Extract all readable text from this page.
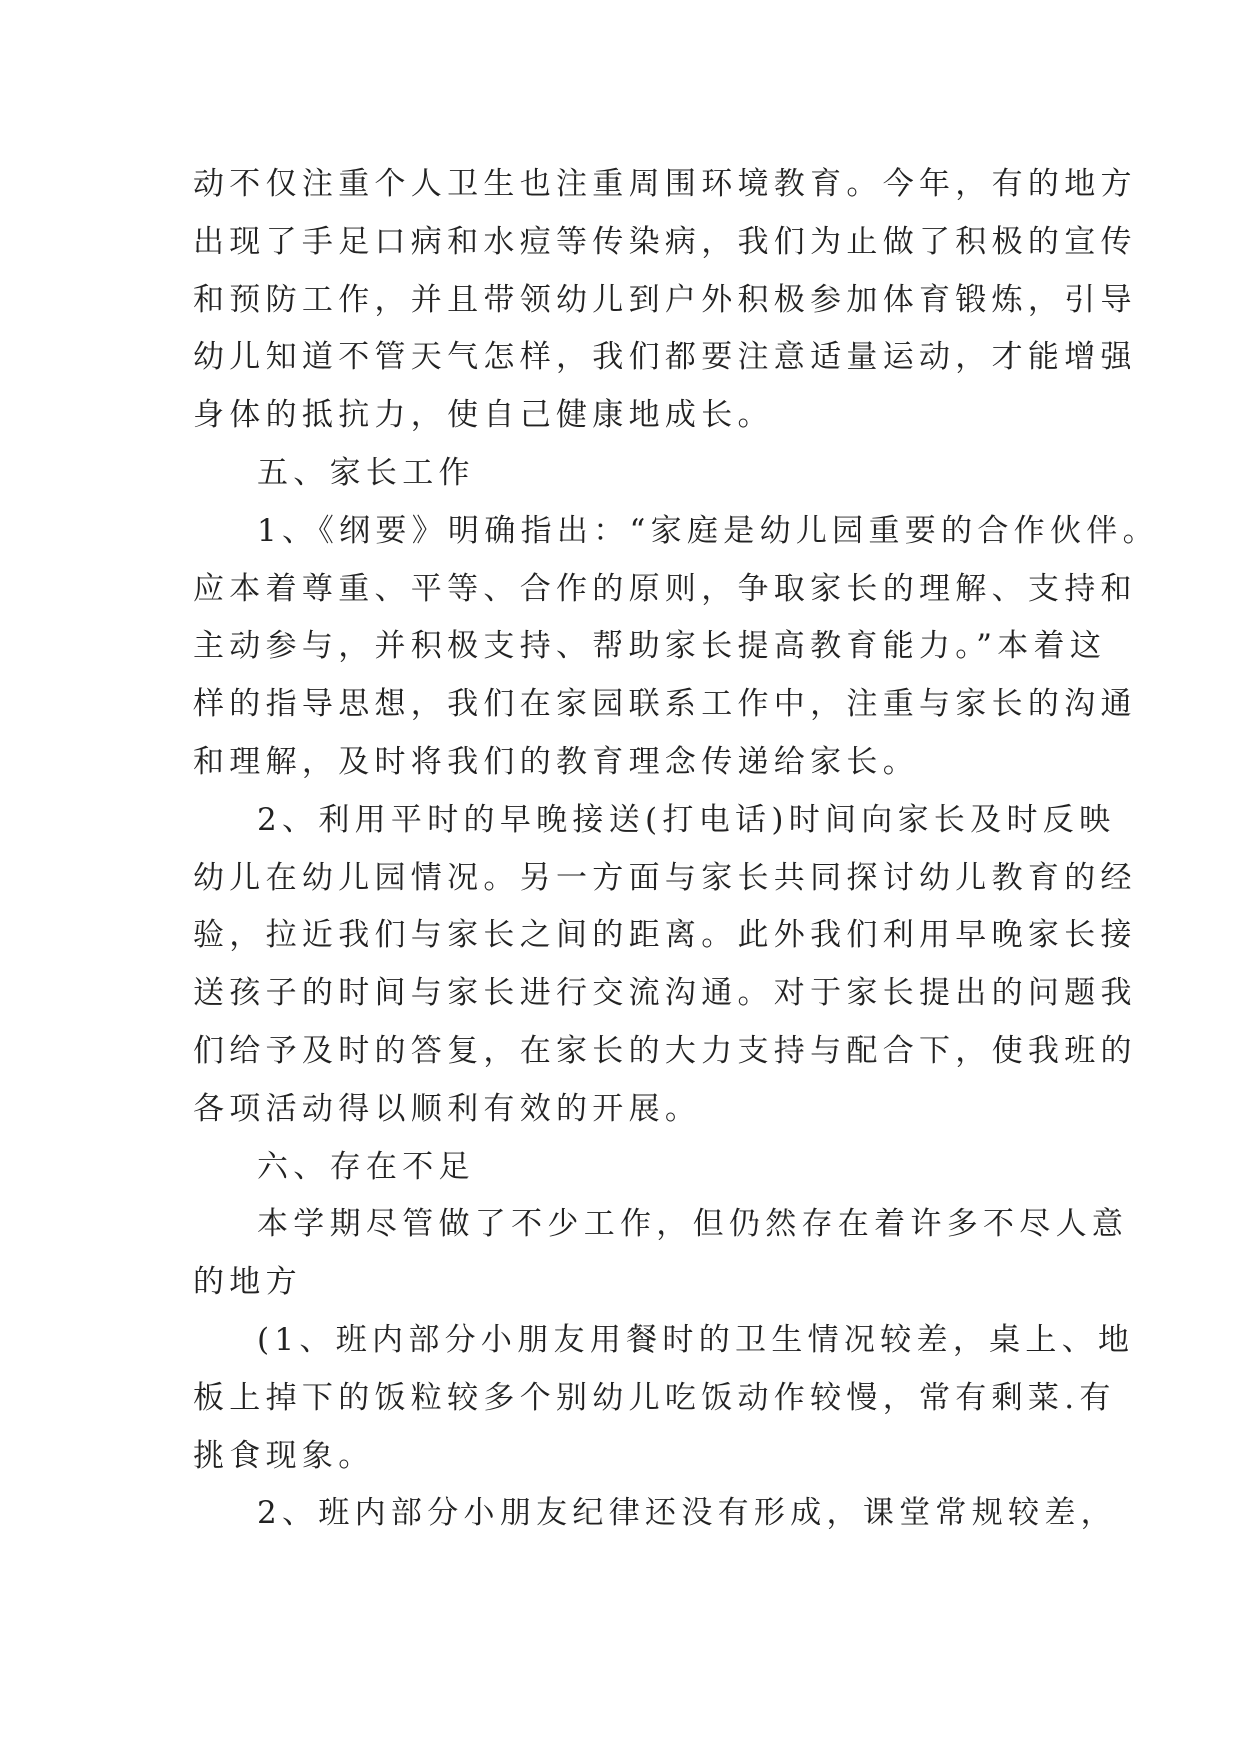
动不仅注重个人卫生也注重周围环境教育。今年，有的地方
出现了手足口病和水痘等传染病，我们为止做了积极的宣传
和预防工作，并且带领幼儿到户外积极参加体育锻炼，引导
幼儿知道不管天气怎样，我们都要注意适量运动，才能增强
身体的抵抗力，使自己健康地成长。
五、家长工作
1、《纲要》明确指出：“家庭是幼儿园重要的合作伙伴。
应本着尊重、平等、合作的原则，争取家长的理解、支持和
主动参与，并积极支持、帮助家长提高教育能力。”本着这
样的指导思想，我们在家园联系工作中，注重与家长的沟通
和理解，及时将我们的教育理念传递给家长。
2、利用平时的早晚接送(打电话)时间向家长及时反映
幼儿在幼儿园情况。另一方面与家长共同探讨幼儿教育的经
验，拉近我们与家长之间的距离。此外我们利用早晚家长接
送孩子的时间与家长进行交流沟通。对于家长提出的问题我
们给予及时的答复，在家长的大力支持与配合下，使我班的
各项活动得以顺利有效的开展。
六、存在不足
本学期尽管做了不少工作，但仍然存在着许多不尽人意
的地方
(1、班内部分小朋友用餐时的卫生情况较差，桌上、地
板上掉下的饭粒较多个别幼儿吃饭动作较慢，常有剩菜.有
挑食现象。
2、班内部分小朋友纪律还没有形成，课堂常规较差，
